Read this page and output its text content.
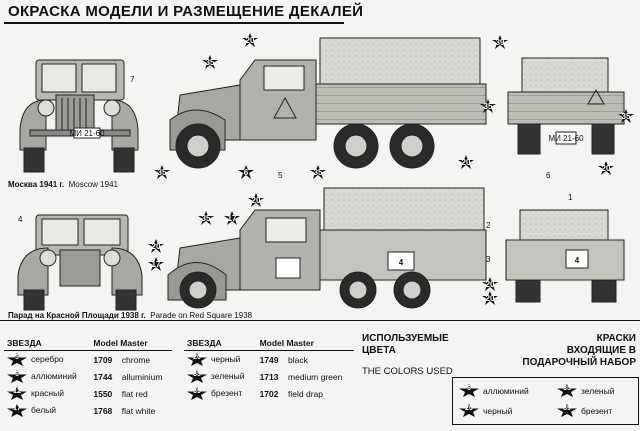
ОКРАСКА МОДЕЛИ И РАЗМЕЩЕНИЕ ДЕКАЛЕЙ
МИ 21-60
7
МИ 21-60
4
4	4
1
2
3
5	6
20
35
39
35
35	6	35
20
35
20
20
35 17
20
17
20
20
Москва 1941 г. Moscow 1941
Парад на Красной Площади 1938 г. Parade on Red Square 1938
ЗВЕЗДА	Model Master	

5 серебро	1709	chrome

6 аллюминий	1744	alluminium

12 красный	1550	flat red

17 белый	1768	flat white
ЗВЕЗДА	Model Master	

20 черный	1749	black

35 зеленый	1713	medium green

39 брезент	1702	field drap
ИСПОЛЬЗУЕМЫЕ
ЦВЕТА
THE COLORS USED
КРАСКИ
ВХОДЯЩИЕ В
ПОДАРОЧНЫЙ НАБОР
6	аллюминий	35	зеленый
20	черный	39	брезент
